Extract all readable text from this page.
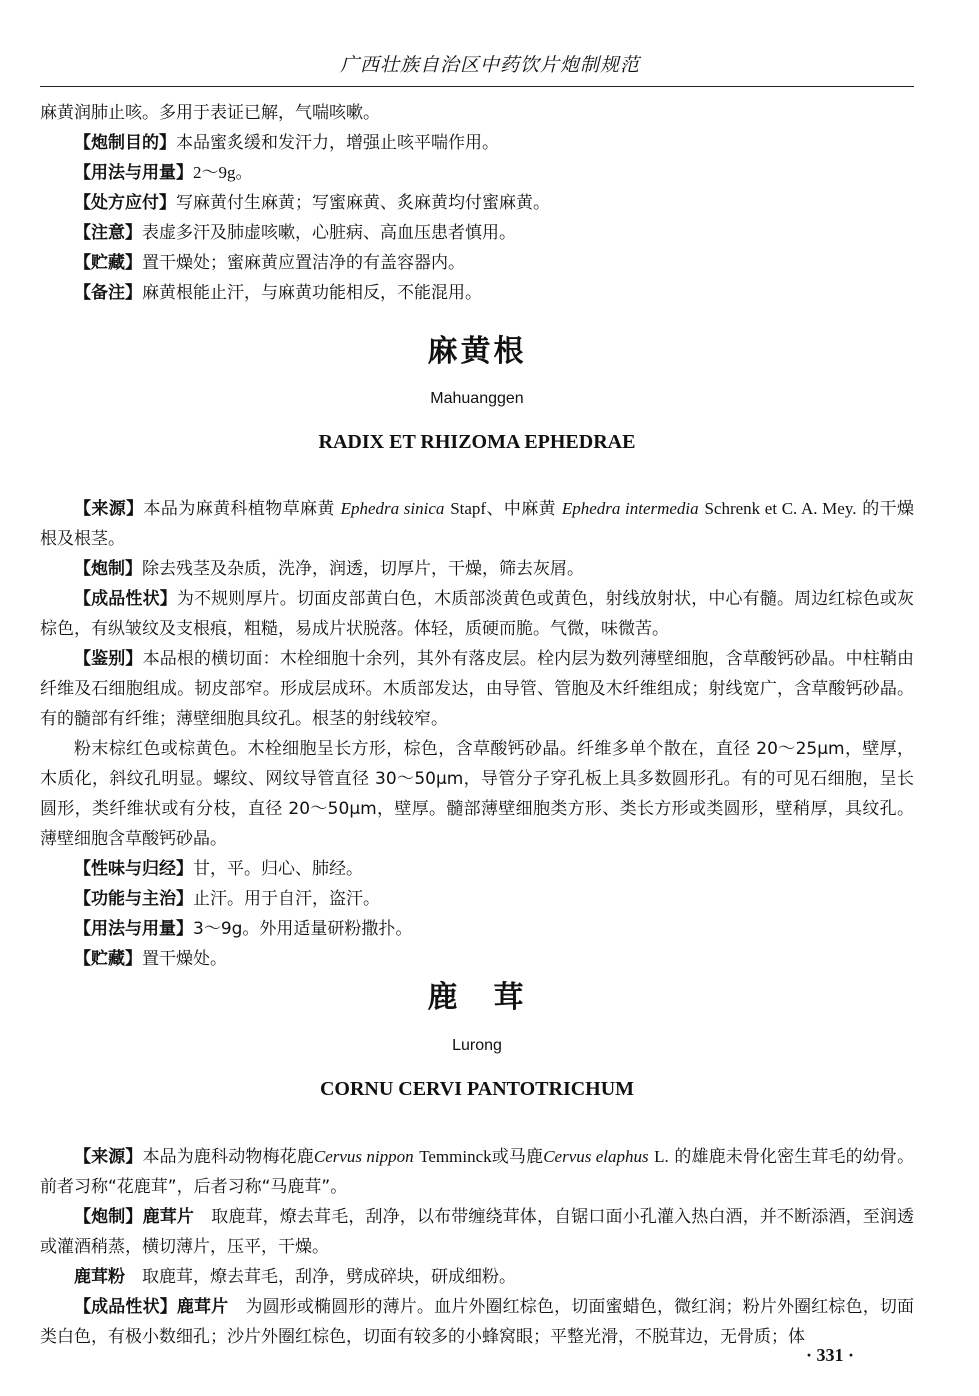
广西壮族自治区中药饮片炮制规范

麻黄润肺止咳。多用于表证已解，气喘咳嗽。

【炮制目的】本品蜜炙缓和发汗力，增强止咳平喘作用。

【用法与用量】2～9g。

【处方应付】写麻黄付生麻黄；写蜜麻黄、炙麻黄均付蜜麻黄。

【注意】表虚多汗及肺虚咳嗽，心脏病、高血压患者慎用。

【贮藏】置干燥处；蜜麻黄应置洁净的有盖容器内。

【备注】麻黄根能止汗，与麻黄功能相反，不能混用。

麻黄根
Mahuanggen
RADIX ET RHIZOMA EPHEDRAE

【来源】本品为麻黄科植物草麻黄 Ephedra sinica Stapf、中麻黄 Ephedra intermedia Schrenk et C. A. Mey. 的干燥根及根茎。

【炮制】除去残茎及杂质，洗净，润透，切厚片，干燥，筛去灰屑。

【成品性状】为不规则厚片。切面皮部黄白色，木质部淡黄色或黄色，射线放射状，中心有髓。周边红棕色或灰棕色，有纵皱纹及支根痕，粗糙，易成片状脱落。体轻，质硬而脆。气微，味微苦。

【鉴别】本品根的横切面：木栓细胞十余列，其外有落皮层。栓内层为数列薄壁细胞，含草酸钙砂晶。中柱鞘由纤维及石细胞组成。韧皮部窄。形成层成环。木质部发达，由导管、管胞及木纤维组成；射线宽广，含草酸钙砂晶。有的髓部有纤维；薄壁细胞具纹孔。根茎的射线较窄。

粉末棕红色或棕黄色。木栓细胞呈长方形，棕色，含草酸钙砂晶。纤维多单个散在，直径 20～25μm，壁厚，木质化，斜纹孔明显。螺纹、网纹导管直径 30～50μm，导管分子穿孔板上具多数圆形孔。有的可见石细胞，呈长圆形，类纤维状或有分枝，直径 20～50μm，壁厚。髓部薄壁细胞类方形、类长方形或类圆形，壁稍厚，具纹孔。薄壁细胞含草酸钙砂晶。

【性味与归经】甘，平。归心、肺经。

【功能与主治】止汗。用于自汗，盗汗。

【用法与用量】3～9g。外用适量研粉撒扑。

【贮藏】置干燥处。

鹿　茸
Lurong
CORNU CERVI PANTOTRICHUM

【来源】本品为鹿科动物梅花鹿Cervus nippon Temminck或马鹿Cervus elaphus L. 的雄鹿未骨化密生茸毛的幼骨。前者习称“花鹿茸”，后者习称“马鹿茸”。

【炮制】鹿茸片　 取鹿茸，燎去茸毛，刮净，以布带缠绕茸体，自锯口面小孔灌入热白酒，并不断添酒，至润透或灌酒稍蒸，横切薄片，压平，干燥。

鹿茸粉　 取鹿茸，燎去茸毛，刮净，劈成碎块，研成细粉。

【成品性状】鹿茸片　 为圆形或椭圆形的薄片。血片外圈红棕色，切面蜜蜡色，微红润；粉片外圈红棕色，切面类白色，有极小数细孔；沙片外圈红棕色，切面有较多的小蜂窝眼；平整光滑，不脱茸边，无骨质；体

· 331 ·
